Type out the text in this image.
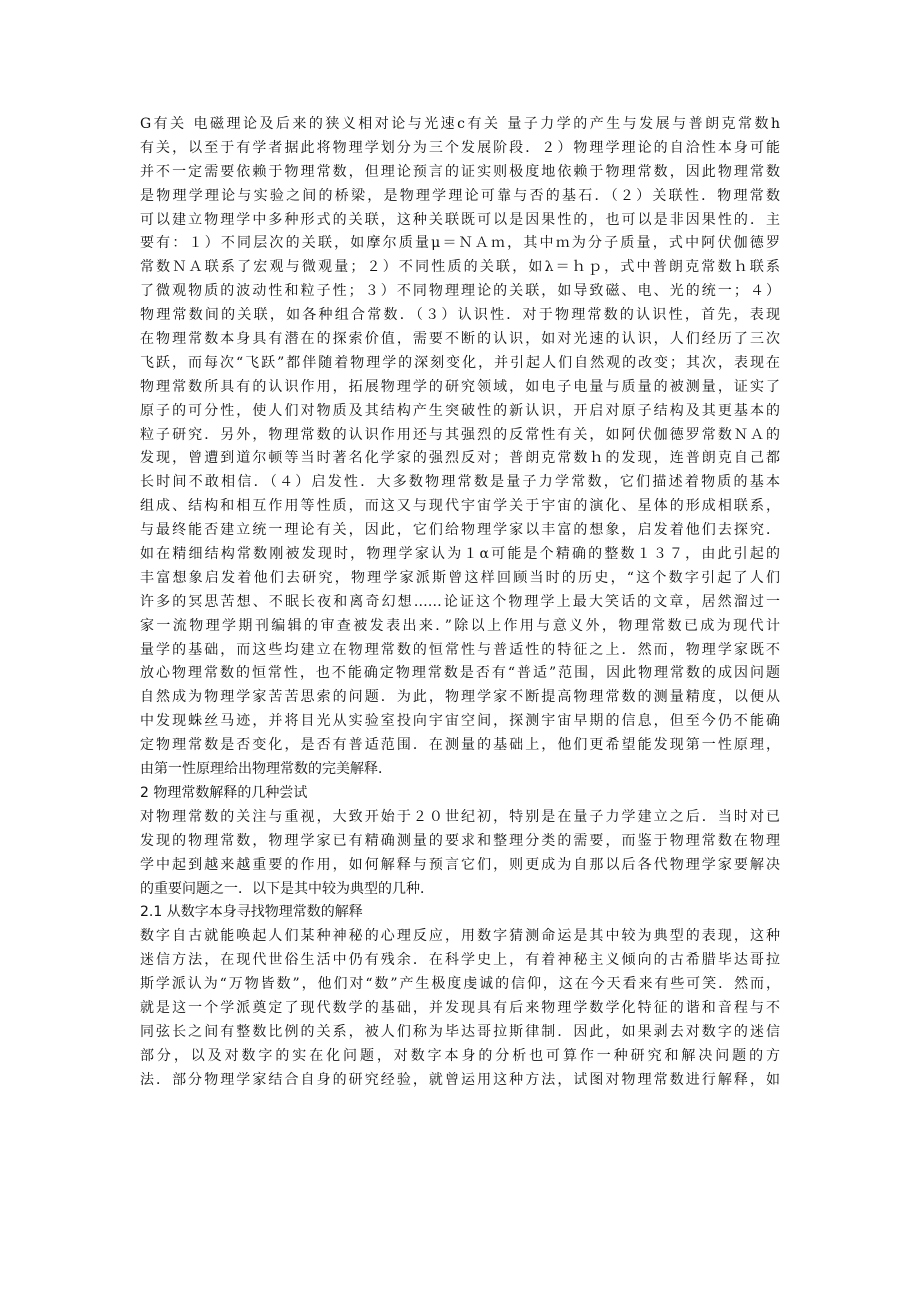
G有关 电磁理论及后来的狭义相对论与光速c有关 量子力学的产生与发展与普朗克常数h
有关，以至于有学者据此将物理学划分为三个发展阶段．２）物理学理论的自洽性本身可能
并不一定需要依赖于物理常数，但理论预言的证实则极度地依赖于物理常数，因此物理常数
是物理学理论与实验之间的桥梁，是物理学理论可靠与否的基石．（２）关联性．物理常数
可以建立物理学中多种形式的关联，这种关联既可以是因果性的，也可以是非因果性的．主
要有：１）不同层次的关联，如摩尔质量μ＝ＮＡｍ，其中ｍ为分子质量，式中阿伏伽德罗
常数ＮＡ联系了宏观与微观量；２）不同性质的关联，如λ＝ｈｐ，式中普朗克常数ｈ联系
了微观物质的波动性和粒子性；３）不同物理理论的关联，如导致磁、电、光的统一；４）
物理常数间的关联，如各种组合常数．（３）认识性．对于物理常数的认识性，首先，表现
在物理常数本身具有潜在的探索价值，需要不断的认识，如对光速的认识，人们经历了三次
飞跃，而每次“飞跃”都伴随着物理学的深刻变化，并引起人们自然观的改变；其次，表现在
物理常数所具有的认识作用，拓展物理学的研究领域，如电子电量与质量的被测量，证实了
原子的可分性，使人们对物质及其结构产生突破性的新认识，开启对原子结构及其更基本的
粒子研究．另外，物理常数的认识作用还与其强烈的反常性有关，如阿伏伽德罗常数ＮＡ的
发现，曾遭到道尔顿等当时著名化学家的强烈反对；普朗克常数ｈ的发现，连普朗克自己都
长时间不敢相信．（４）启发性．大多数物理常数是量子力学常数，它们描述着物质的基本
组成、结构和相互作用等性质，而这又与现代宇宙学关于宇宙的演化、星体的形成相联系，
与最终能否建立统一理论有关，因此，它们给物理学家以丰富的想象，启发着他们去探究．
如在精细结构常数刚被发现时，物理学家认为１α可能是个精确的整数１３７，由此引起的
丰富想象启发着他们去研究，物理学家派斯曾这样回顾当时的历史，“这个数字引起了人们
许多的冥思苦想、不眠长夜和离奇幻想……论证这个物理学上最大笑话的文章，居然溜过一
家一流物理学期刊编辑的审查被发表出来．”除以上作用与意义外，物理常数已成为现代计
量学的基础，而这些均建立在物理常数的恒常性与普适性的特征之上．然而，物理学家既不
放心物理常数的恒常性，也不能确定物理常数是否有“普适”范围，因此物理常数的成因问题
自然成为物理学家苦苦思索的问题．为此，物理学家不断提高物理常数的测量精度，以便从
中发现蛛丝马迹，并将目光从实验室投向宇宙空间，探测宇宙早期的信息，但至今仍不能确
定物理常数是否变化，是否有普适范围．在测量的基础上，他们更希望能发现第一性原理，
由第一性原理给出物理常数的完美解释．
2 物理常数解释的几种尝试
对物理常数的关注与重视，大致开始于２０世纪初，特别是在量子力学建立之后．当时对已
发现的物理常数，物理学家已有精确测量的要求和整理分类的需要，而鉴于物理常数在物理
学中起到越来越重要的作用，如何解释与预言它们，则更成为自那以后各代物理学家要解决
的重要问题之一．以下是其中较为典型的几种．
2.1 从数字本身寻找物理常数的解释
数字自古就能唤起人们某种神秘的心理反应，用数字猜测命运是其中较为典型的表现，这种
迷信方法，在现代世俗生活中仍有残余．在科学史上，有着神秘主义倾向的古希腊毕达哥拉
斯学派认为“万物皆数”，他们对“数”产生极度虔诚的信仰，这在今天看来有些可笑．然而，
就是这一个学派奠定了现代数学的基础，并发现具有后来物理学数学化特征的谐和音程与不
同弦长之间有整数比例的关系，被人们称为毕达哥拉斯律制．因此，如果剥去对数字的迷信
部分，以及对数字的实在化问题，对数字本身的分析也可算作一种研究和解决问题的方
法．部分物理学家结合自身的研究经验，就曾运用这种方法，试图对物理常数进行解释，如
